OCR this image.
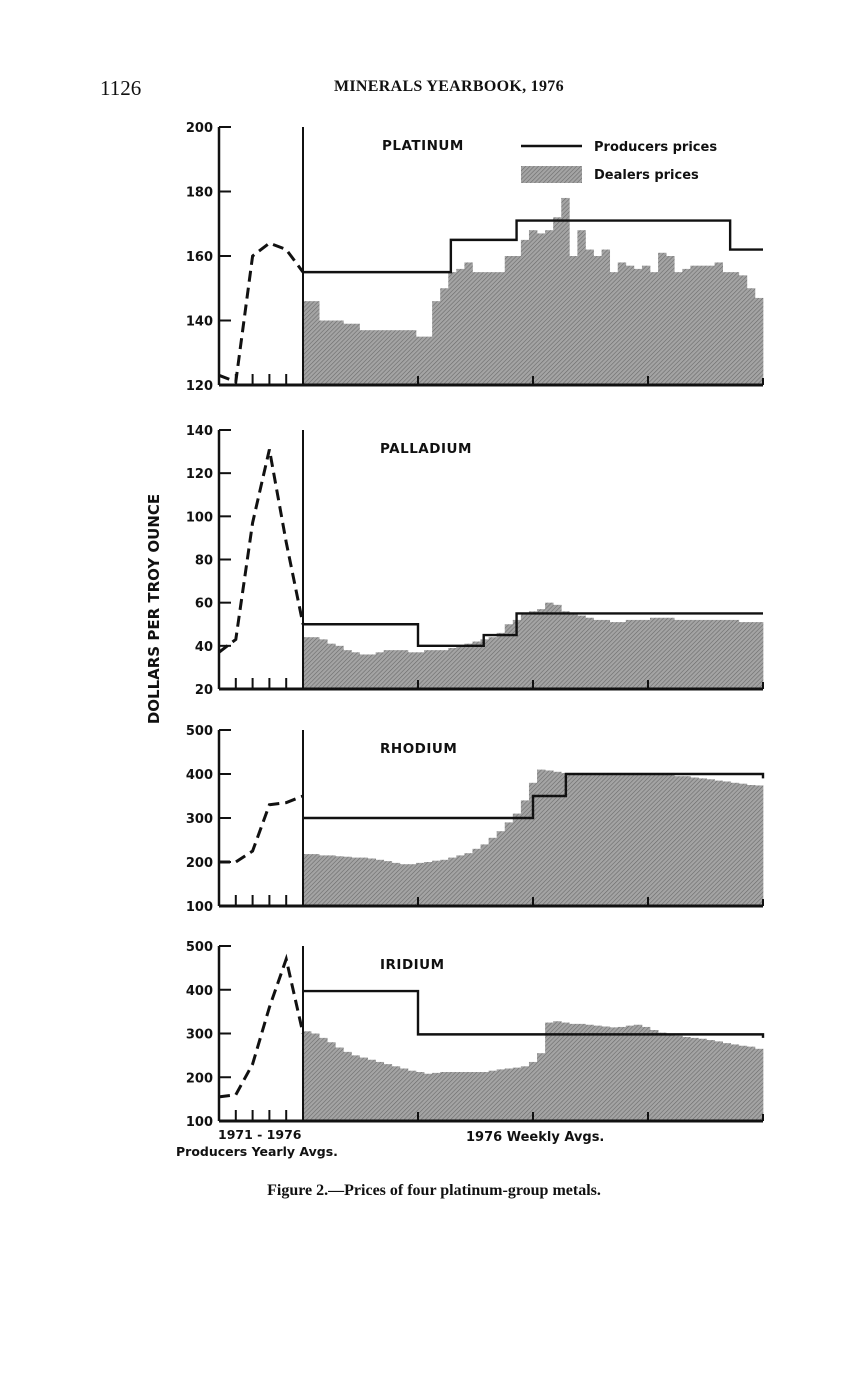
1126	MINERALS YEARBOOK, 1976
DOLLARS PER TROY OUNCE
120
140
160
180
200
PLATINUM
20
40
60
80
100
120
140
PALLADIUM
100
200
300
400
500
RHODIUM
100
200
300
400
500
IRIDIUM
Producers prices
Dealers prices
1971 - 1976
Producers Yearly Avgs.
1976 Weekly Avgs.
Figure 2.—Prices of four platinum-group metals.
